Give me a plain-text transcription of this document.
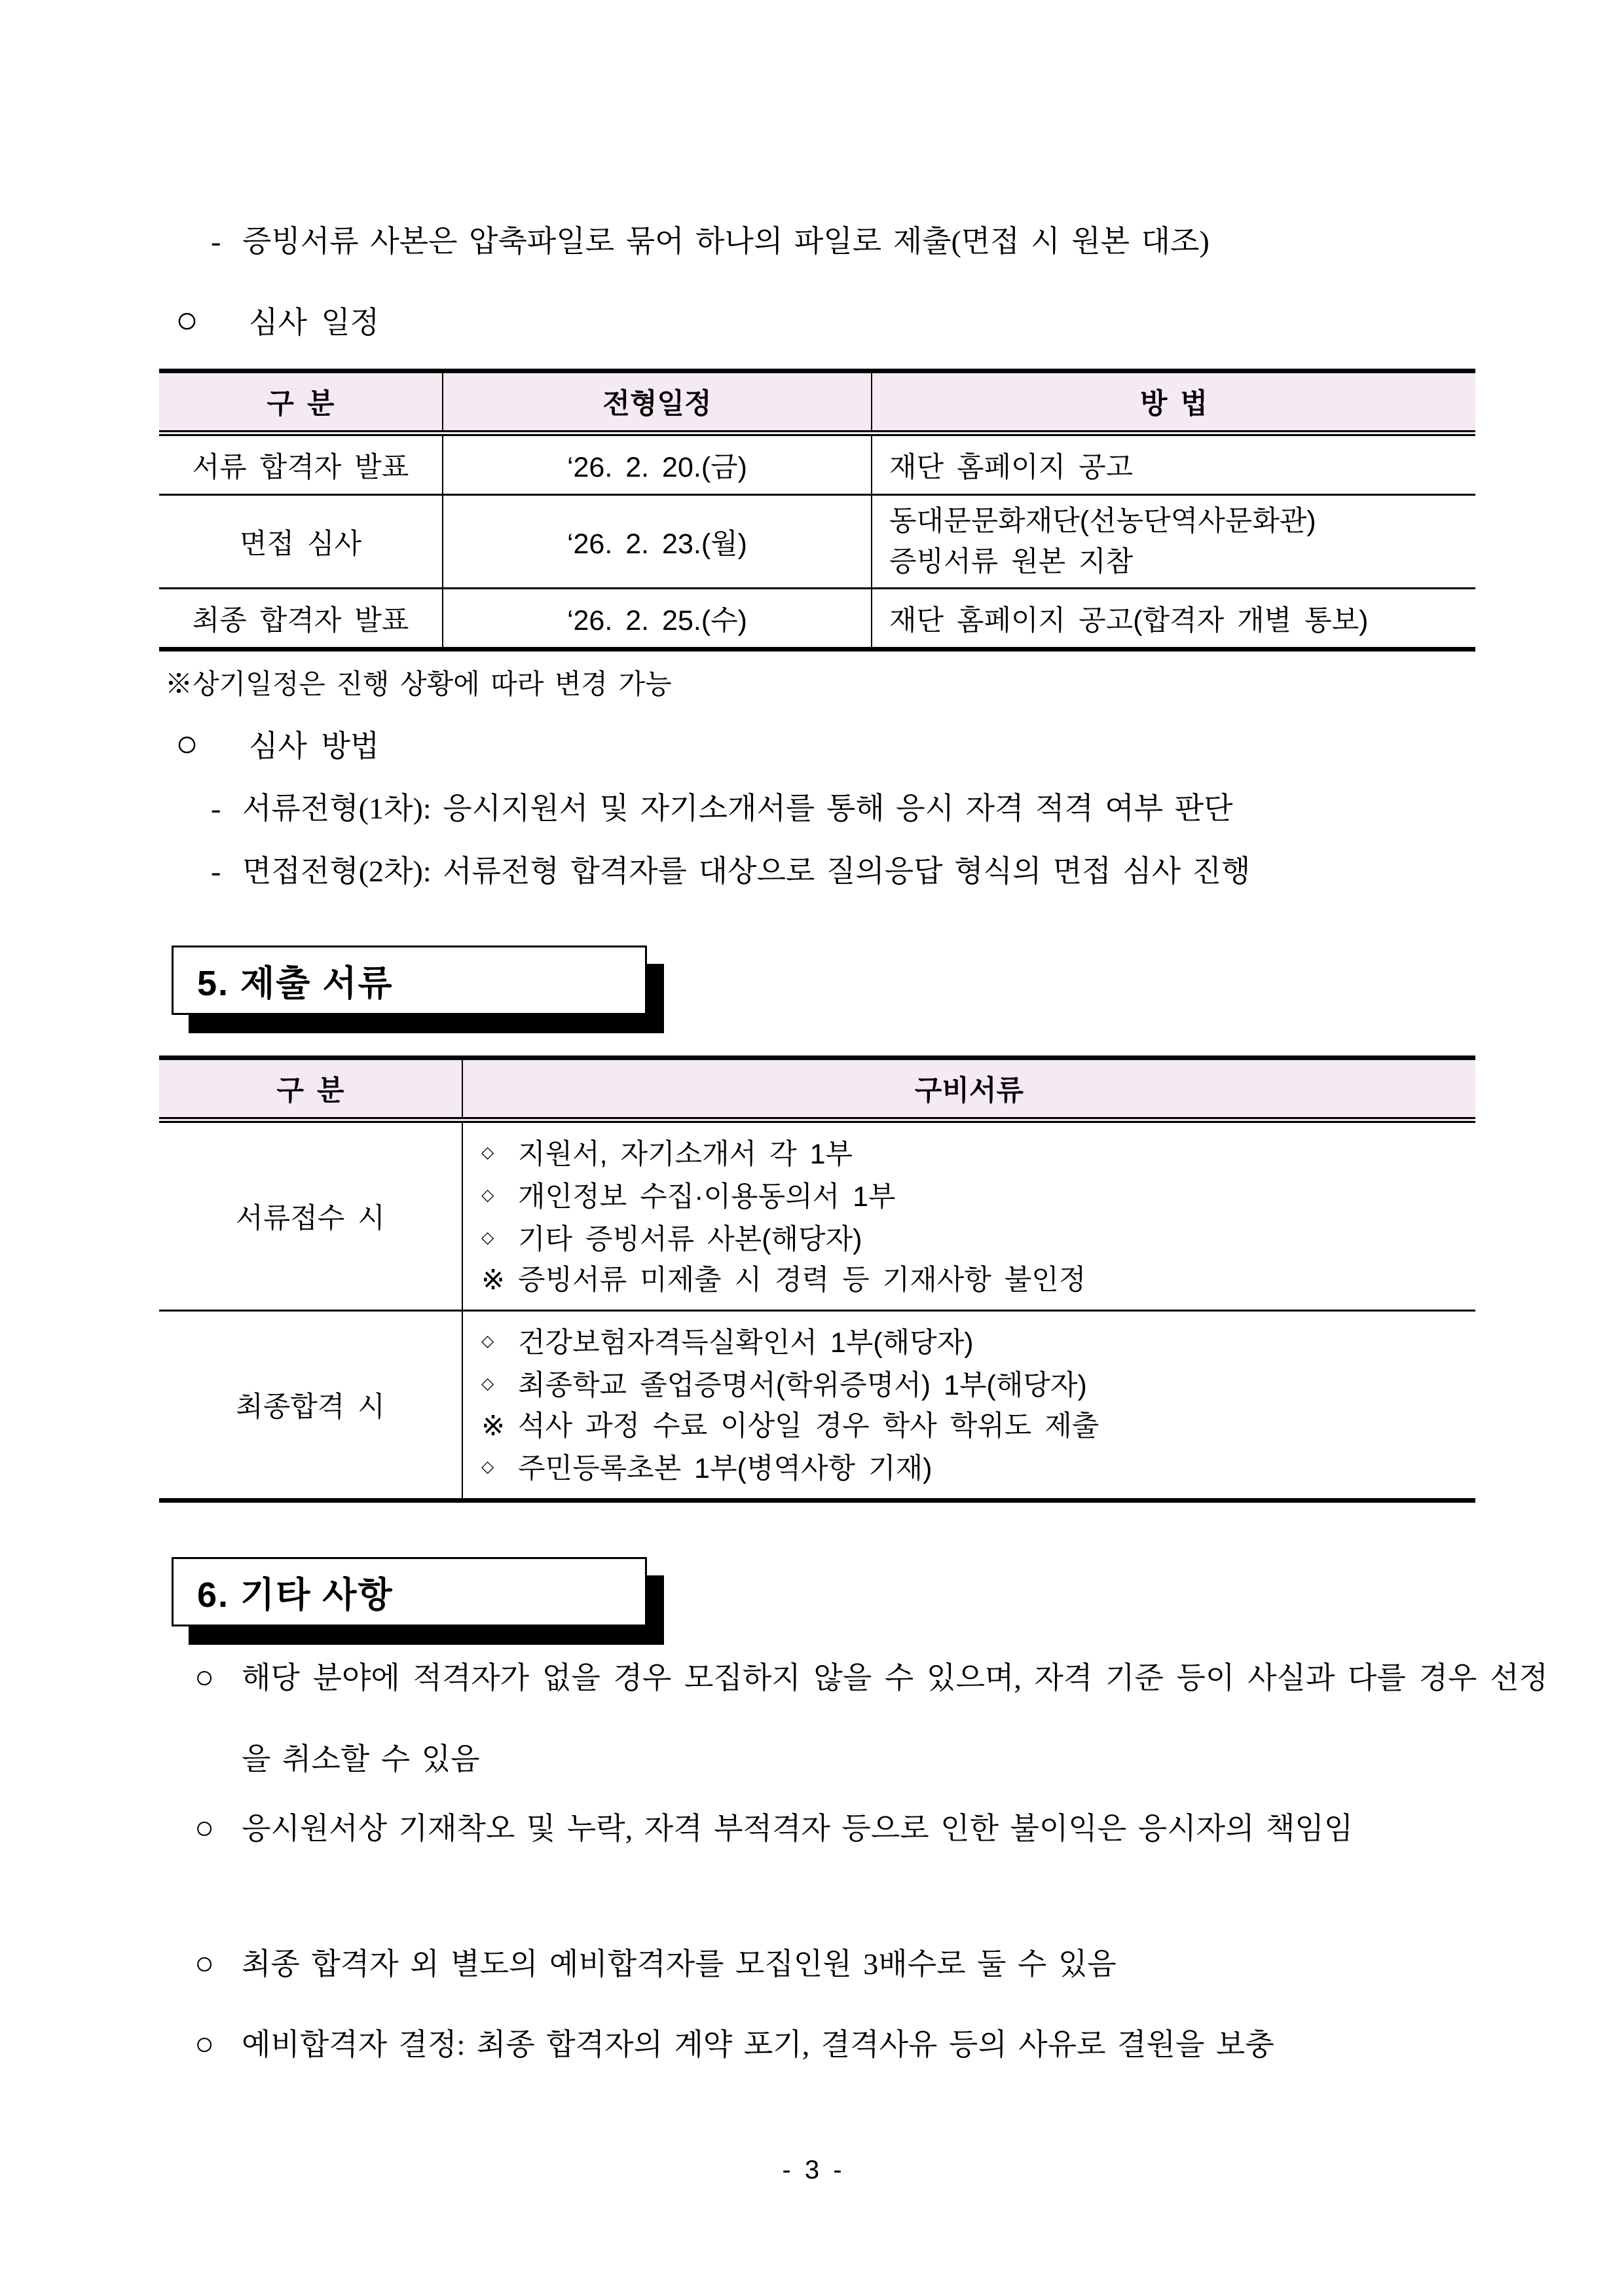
- 증빙서류 사본은 압축파일로 묶어 하나의 파일로 제출(면접 시 원본 대조)
○ 심사 일정
구 분	전형일정	방 법
서류 합격자 발표	‘26. 2. 20.(금)	재단 홈페이지 공고
면접 심사	‘26. 2. 23.(월)
동대문문화재단(선농단역사문화관)
증빙서류 원본 지참
최종 합격자 발표	‘26. 2. 25.(수)	재단 홈페이지 공고(합격자 개별 통보)
※상기일정은 진행 상황에 따라 변경 가능
○ 심사 방법
- 서류전형(1차): 응시지원서 및 자기소개서를 통해 응시 자격 적격 여부 판단
- 면접전형(2차): 서류전형 합격자를 대상으로 질의응답 형식의 면접 심사 진행
5. 제출 서류
구 분	구비서류
서류접수 시
◇ 지원서, 자기소개서 각 1부
◇ 개인정보 수집·이용동의서 1부
◇ 기타 증빙서류 사본(해당자)
※ 증빙서류 미제출 시 경력 등 기재사항 불인정
최종합격 시
◇ 건강보험자격득실확인서 1부(해당자)
◇ 최종학교 졸업증명서(학위증명서) 1부(해당자)
※ 석사 과정 수료 이상일 경우 학사 학위도 제출
◇ 주민등록초본 1부(병역사항 기재)
6. 기타 사항
○ 해당 분야에 적격자가 없을 경우 모집하지 않을 수 있으며, 자격 기준 등이 사실과 다를 경우 선정을 취소할 수 있음
○ 응시원서상 기재착오 및 누락, 자격 부적격자 등으로 인한 불이익은 응시자의 책임임
○ 최종 합격자 외 별도의 예비합격자를 모집인원 3배수로 둘 수 있음
○ 예비합격자 결정: 최종 합격자의 계약 포기, 결격사유 등의 사유로 결원을 보충
- 3 -
